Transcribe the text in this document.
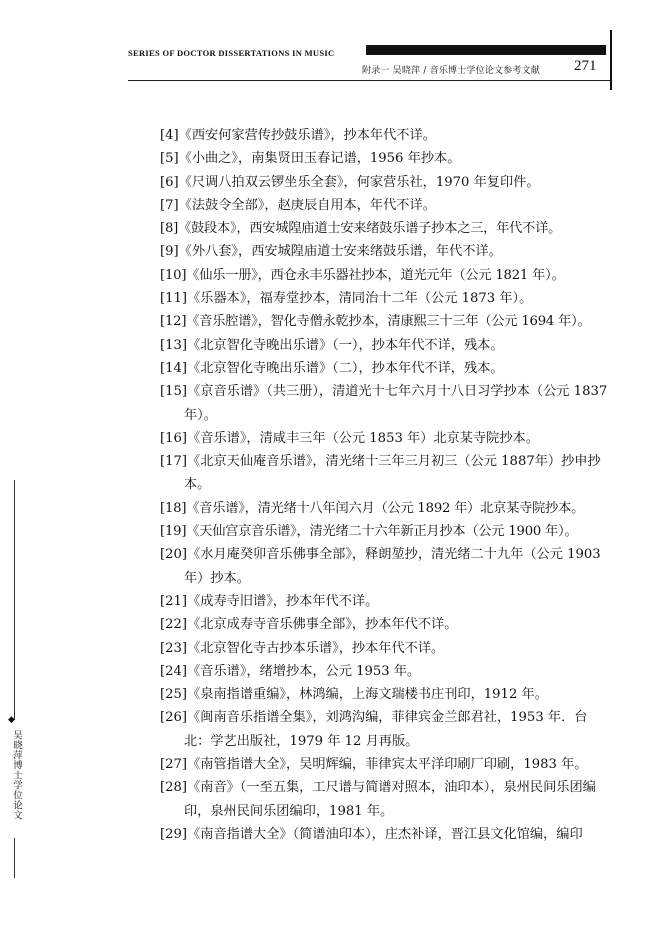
SERIES OF DOCTOR DISSERTATIONS IN MUSIC
附录一 吴晓萍 / 音乐博士学位论文参考文献 271
◆
吴晓萍博士学位论文
[4]《西安何家营传抄鼓乐谱》，抄本年代不详。
[5]《小曲之》，南集贤田玉春记谱，1956 年抄本。
[6]《尺调八拍双云锣坐乐全套》，何家营乐社，1970 年复印件。
[7]《法鼓令全部》，赵庚辰自用本，年代不详。
[8]《鼓段本》，西安城隍庙道士安来绪鼓乐谱子抄本之三，年代不详。
[9]《外八套》，西安城隍庙道士安来绪鼓乐谱，年代不详。
[10]《仙乐一册》，西仓永丰乐器社抄本，道光元年（公元 1821 年）。
[11]《乐器本》，福寿堂抄本，清同治十二年（公元 1873 年）。
[12]《音乐腔谱》，智化寺僧永乾抄本，清康熙三十三年（公元 1694 年）。
[13]《北京智化寺晚出乐谱》（一），抄本年代不详，残本。
[14]《北京智化寺晚出乐谱》（二），抄本年代不详，残本。
[15]《京音乐谱》（共三册），清道光十七年六月十八日习学抄本（公元 1837 年）。
[16]《音乐谱》，清咸丰三年（公元 1853 年）北京某寺院抄本。
[17]《北京天仙庵音乐谱》，清光绪十三年三月初三（公元 1887年）抄申抄本。
[18]《音乐谱》，清光绪十八年闰六月（公元 1892 年）北京某寺院抄本。
[19]《天仙宫京音乐谱》，清光绪二十六年新正月抄本（公元 1900 年）。
[20]《水月庵癸卯音乐佛事全部》，释朗堃抄，清光绪二十九年（公元 1903 年）抄本。
[21]《成寿寺旧谱》，抄本年代不详。
[22]《北京成寿寺音乐佛事全部》，抄本年代不详。
[23]《北京智化寺古抄本乐谱》，抄本年代不详。
[24]《音乐谱》，绪增抄本，公元 1953 年。
[25]《泉南指谱重编》，林鸿编，上海文瑞楼书庄刊印，1912 年。
[26]《闽南音乐指谱全集》，刘鸿沟编，菲律宾金兰郎君社，1953 年．台北：学艺出版社，1979 年 12 月再版。
[27]《南管指谱大全》，吴明辉编，菲律宾太平洋印刷厂印刷，1983 年。
[28]《南音》（一至五集，工尺谱与简谱对照本，油印本），泉州民间乐团编印，泉州民间乐团编印，1981 年。
[29]《南音指谱大全》（简谱油印本），庄杰补译，晋江县文化馆编，编印
